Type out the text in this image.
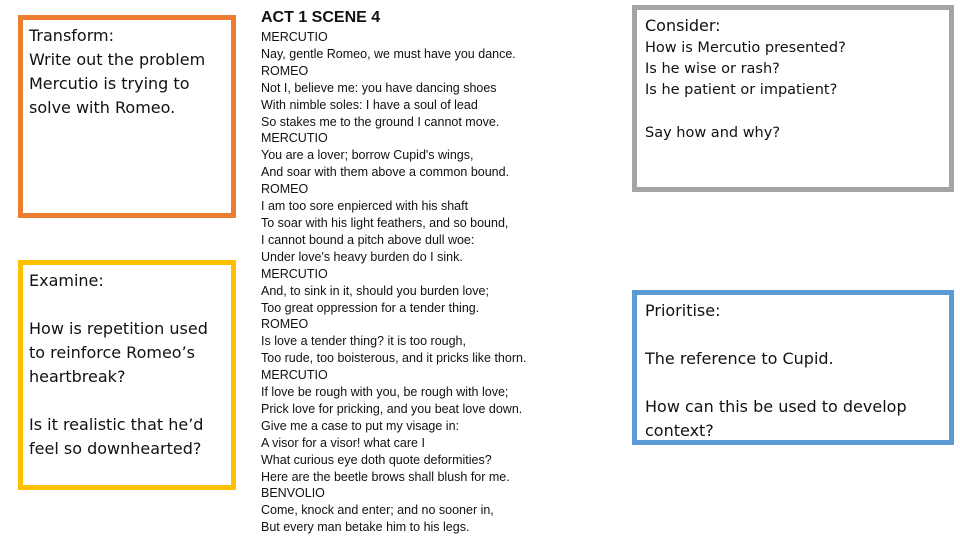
Transform:
Write out the problem Mercutio is trying to solve with Romeo.

Examine:

How is repetition used to reinforce Romeo’s heartbreak?

Is it realistic that he’d feel so downhearted?

ACT 1 SCENE 4

MERCUTIO
Nay, gentle Romeo, we must have you dance.
ROMEO
Not I, believe me: you have dancing shoes
With nimble soles: I have a soul of lead
So stakes me to the ground I cannot move.
MERCUTIO
You are a lover; borrow Cupid's wings,
And soar with them above a common bound.
ROMEO
I am too sore enpierced with his shaft
To soar with his light feathers, and so bound,
I cannot bound a pitch above dull woe:
Under love's heavy burden do I sink.
MERCUTIO
And, to sink in it, should you burden love;
Too great oppression for a tender thing.
ROMEO
Is love a tender thing? it is too rough,
Too rude, too boisterous, and it pricks like thorn.
MERCUTIO
If love be rough with you, be rough with love;
Prick love for pricking, and you beat love down.
Give me a case to put my visage in:
A visor for a visor! what care I
What curious eye doth quote deformities?
Here are the beetle brows shall blush for me.
BENVOLIO
Come, knock and enter; and no sooner in,
But every man betake him to his legs.

Consider:

How is Mercutio presented?
Is he wise or rash?
Is he patient or impatient?

Say how and why?

Prioritise:

The reference to Cupid.

How can this be used to develop context?
